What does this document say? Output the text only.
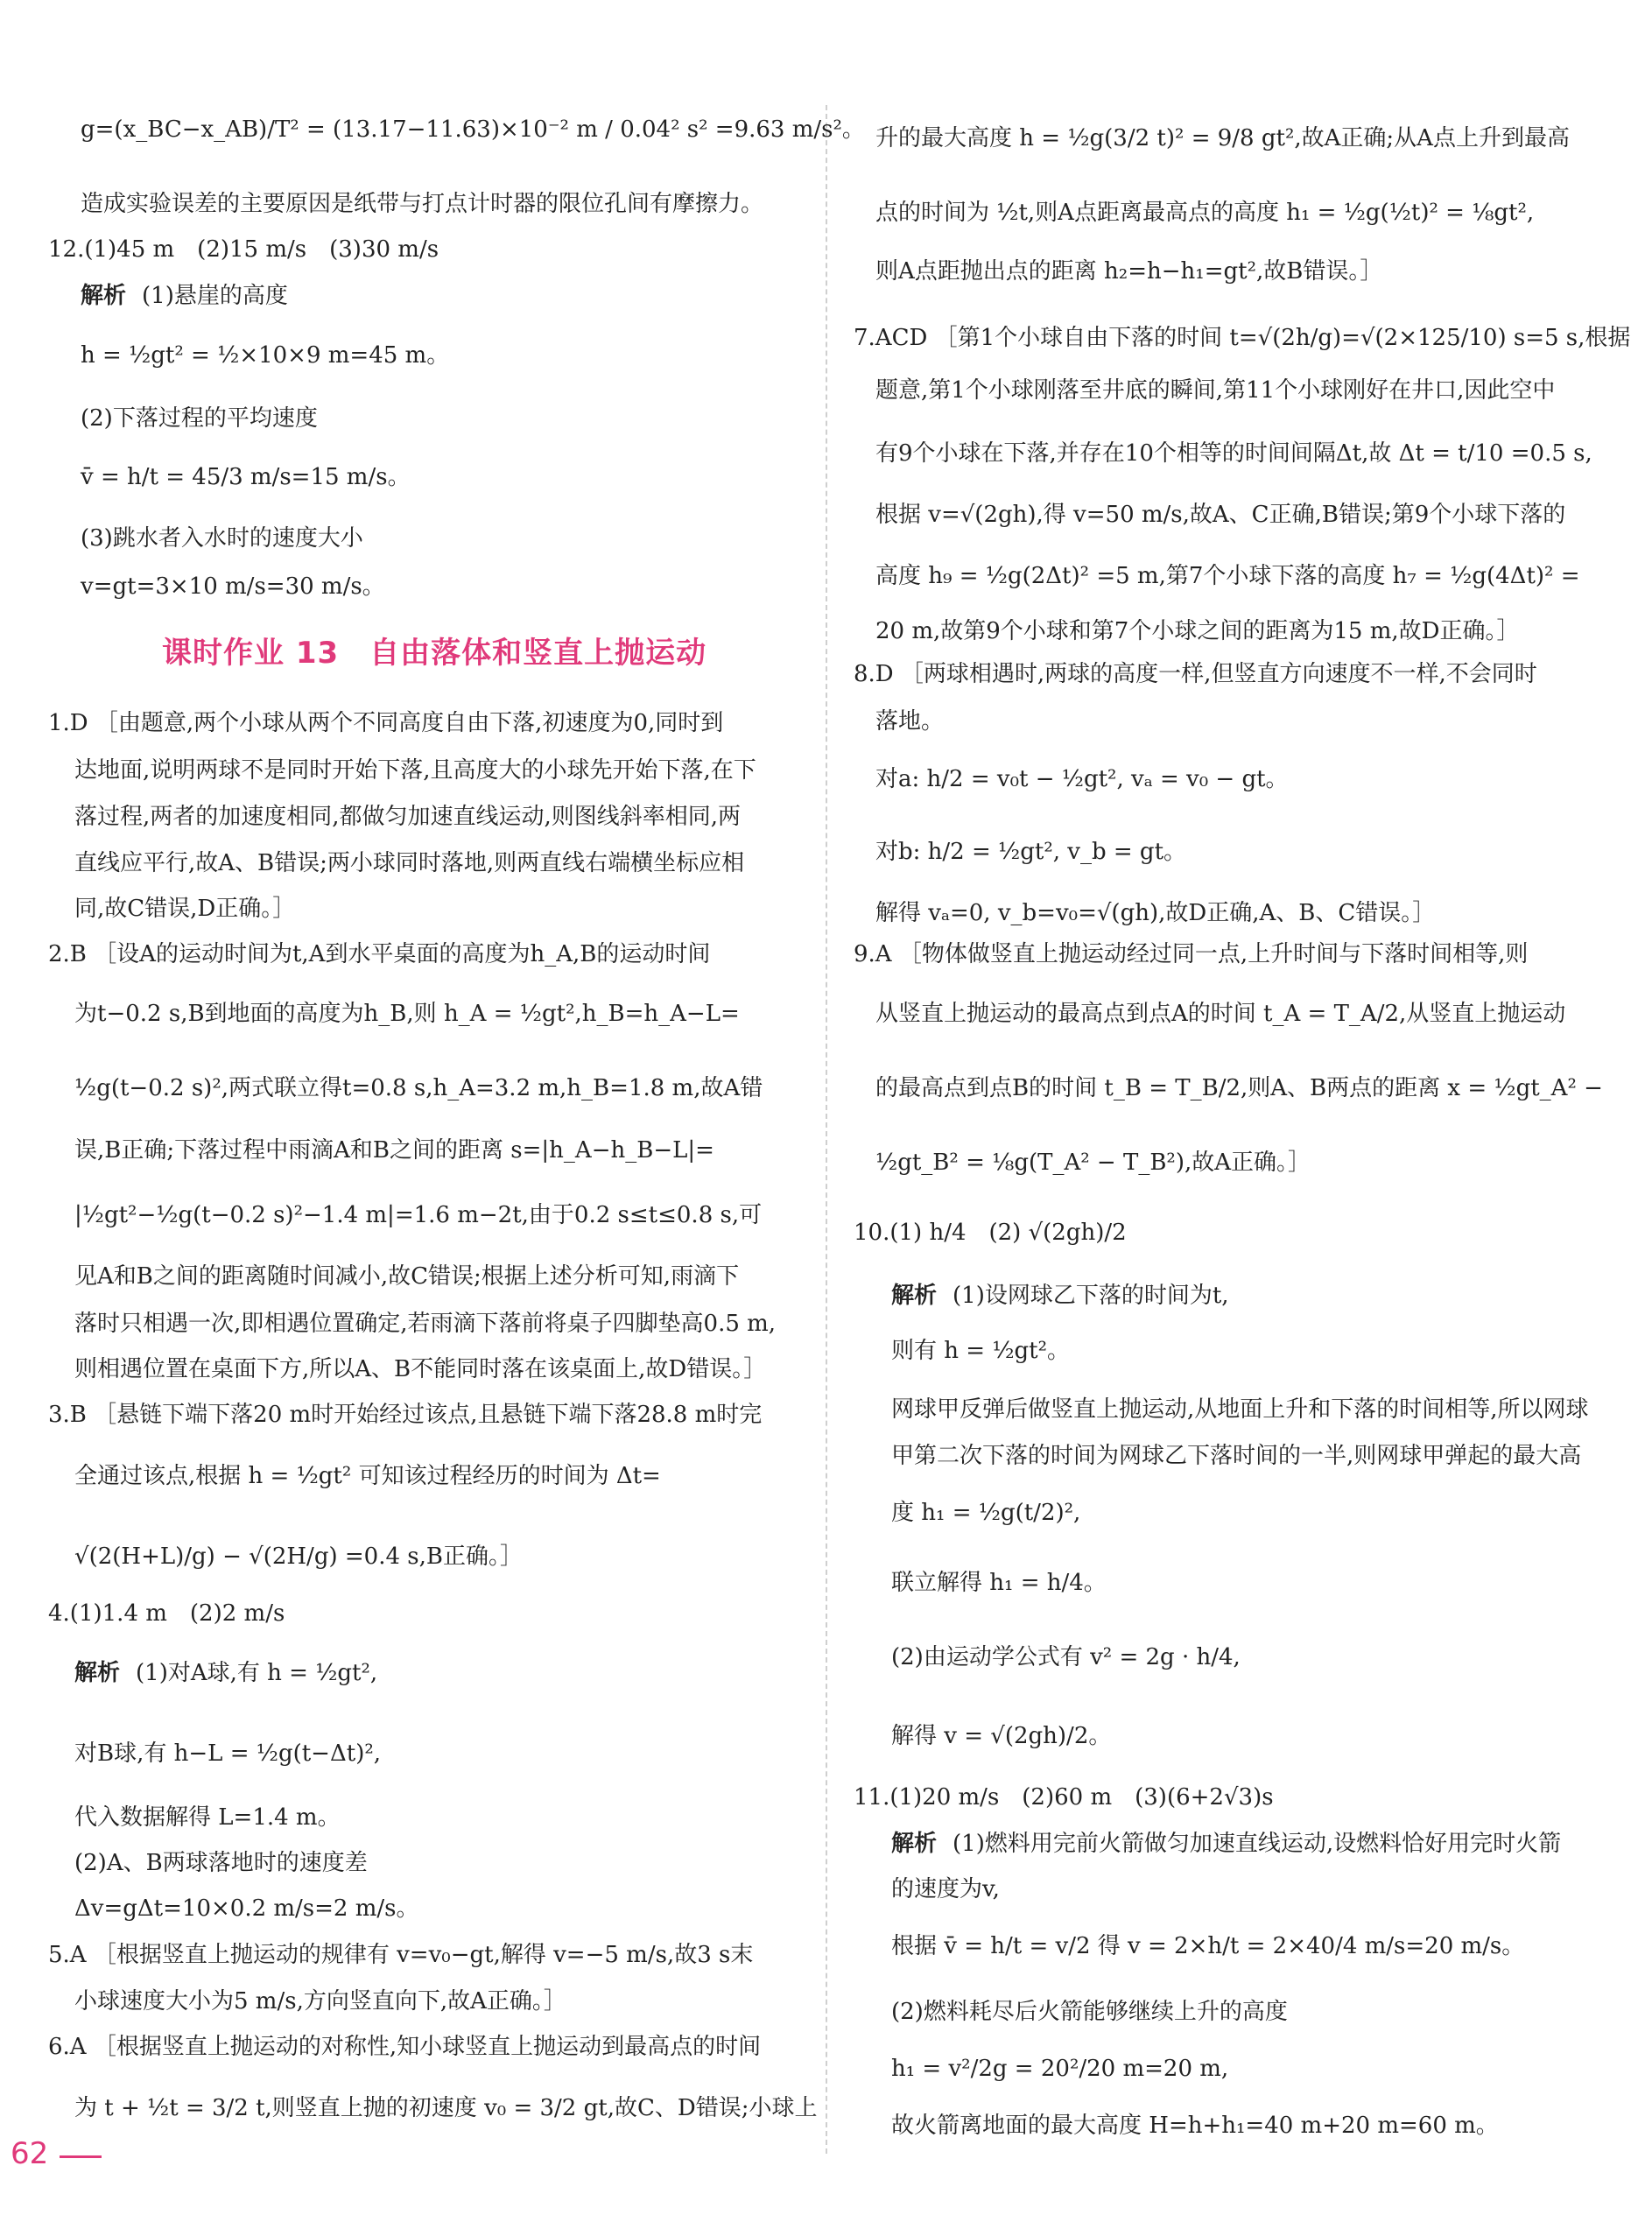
g=(x_BC−x_AB)/T² = (13.17−11.63)×10⁻² m / 0.04² s² =9.63 m/s²。
造成实验误差的主要原因是纸带与打点计时器的限位孔间有摩擦力。
12.(1)45 m　(2)15 m/s　(3)30 m/s
解析 (1)悬崖的高度
h = ½gt² = ½×10×9 m=45 m。
(2)下落过程的平均速度
v̄ = h/t = 45/3 m/s=15 m/s。
(3)跳水者入水时的速度大小
v=gt=3×10 m/s=30 m/s。
1.D ［由题意,两个小球从两个不同高度自由下落,初速度为0,同时到
达地面,说明两球不是同时开始下落,且高度大的小球先开始下落,在下
落过程,两者的加速度相同,都做匀加速直线运动,则图线斜率相同,两
直线应平行,故A、B错误;两小球同时落地,则两直线右端横坐标应相
同,故C错误,D正确。］
2.B ［设A的运动时间为t,A到水平桌面的高度为h_A,B的运动时间
为t−0.2 s,B到地面的高度为h_B,则 h_A = ½gt²,h_B=h_A−L=
½g(t−0.2 s)²,两式联立得t=0.8 s,h_A=3.2 m,h_B=1.8 m,故A错
误,B正确;下落过程中雨滴A和B之间的距离 s=|h_A−h_B−L|=
|½gt²−½g(t−0.2 s)²−1.4 m|=1.6 m−2t,由于0.2 s≤t≤0.8 s,可
见A和B之间的距离随时间减小,故C错误;根据上述分析可知,雨滴下
落时只相遇一次,即相遇位置确定,若雨滴下落前将桌子四脚垫高0.5 m,
则相遇位置在桌面下方,所以A、B不能同时落在该桌面上,故D错误。］
3.B ［悬链下端下落20 m时开始经过该点,且悬链下端下落28.8 m时完
全通过该点,根据 h = ½gt² 可知该过程经历的时间为 Δt=
√(2(H+L)/g) − √(2H/g) =0.4 s,B正确。］
4.(1)1.4 m　(2)2 m/s
解析 (1)对A球,有 h = ½gt²,
对B球,有 h−L = ½g(t−Δt)²,
代入数据解得 L=1.4 m。
(2)A、B两球落地时的速度差
Δv=gΔt=10×0.2 m/s=2 m/s。
5.A ［根据竖直上抛运动的规律有 v=v₀−gt,解得 v=−5 m/s,故3 s末
小球速度大小为5 m/s,方向竖直向下,故A正确。］
6.A ［根据竖直上抛运动的对称性,知小球竖直上抛运动到最高点的时间
为 t + ½t = 3/2 t,则竖直上抛的初速度 v₀ = 3/2 gt,故C、D错误;小球上
升的最大高度 h = ½g(3/2 t)² = 9/8 gt²,故A正确;从A点上升到最高
点的时间为 ½t,则A点距离最高点的高度 h₁ = ½g(½t)² = ⅛gt²,
则A点距抛出点的距离 h₂=h−h₁=gt²,故B错误。］
7.ACD ［第1个小球自由下落的时间 t=√(2h/g)=√(2×125/10) s=5 s,根据
题意,第1个小球刚落至井底的瞬间,第11个小球刚好在井口,因此空中
有9个小球在下落,并存在10个相等的时间间隔Δt,故 Δt = t/10 =0.5 s,
根据 v=√(2gh),得 v=50 m/s,故A、C正确,B错误;第9个小球下落的
高度 h₉ = ½g(2Δt)² =5 m,第7个小球下落的高度 h₇ = ½g(4Δt)² =
20 m,故第9个小球和第7个小球之间的距离为15 m,故D正确。］
8.D ［两球相遇时,两球的高度一样,但竖直方向速度不一样,不会同时
落地。
对a: h/2 = v₀t − ½gt², vₐ = v₀ − gt。
对b: h/2 = ½gt², v_b = gt。
解得 vₐ=0, v_b=v₀=√(gh),故D正确,A、B、C错误。］
9.A ［物体做竖直上抛运动经过同一点,上升时间与下落时间相等,则
从竖直上抛运动的最高点到点A的时间 t_A = T_A/2,从竖直上抛运动
的最高点到点B的时间 t_B = T_B/2,则A、B两点的距离 x = ½gt_A² −
½gt_B² = ⅛g(T_A² − T_B²),故A正确。］
10.(1) h/4　(2) √(2gh)/2
解析 (1)设网球乙下落的时间为t,
则有 h = ½gt²。
网球甲反弹后做竖直上抛运动,从地面上升和下落的时间相等,所以网球
甲第二次下落的时间为网球乙下落时间的一半,则网球甲弹起的最大高
度 h₁ = ½g(t/2)²,
联立解得 h₁ = h/4。
(2)由运动学公式有 v² = 2g · h/4,
解得 v = √(2gh)/2。
11.(1)20 m/s　(2)60 m　(3)(6+2√3)s
解析 (1)燃料用完前火箭做匀加速直线运动,设燃料恰好用完时火箭
的速度为v,
根据 v̄ = h/t = v/2 得 v = 2×h/t = 2×40/4 m/s=20 m/s。
(2)燃料耗尽后火箭能够继续上升的高度
h₁ = v²/2g = 20²/20 m=20 m,
故火箭离地面的最大高度 H=h+h₁=40 m+20 m=60 m。
课时作业 13　自由落体和竖直上抛运动
62
